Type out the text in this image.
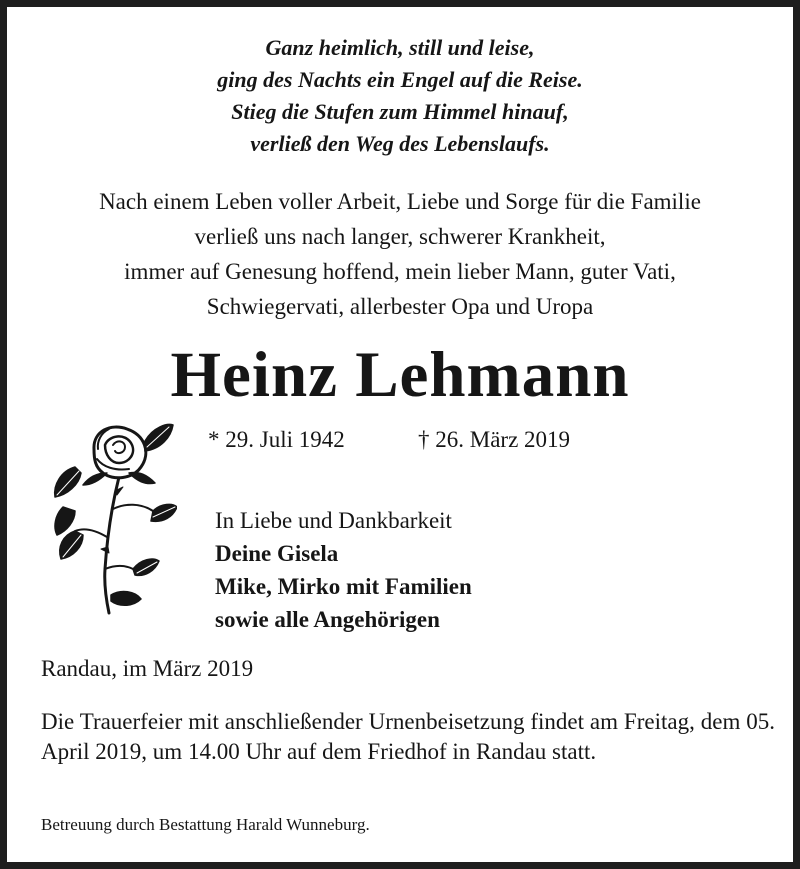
Ganz heimlich, still und leise,
ging des Nachts ein Engel auf die Reise.
Stieg die Stufen zum Himmel hinauf,
verließ den Weg des Lebenslaufs.
Nach einem Leben voller Arbeit, Liebe und Sorge für die Familie
verließ uns nach langer, schwerer Krankheit,
immer auf Genesung hoffend, mein lieber Mann, guter Vati,
Schwiegervati, allerbester Opa und Uropa
Heinz Lehmann
* 29. Juli 1942	† 26. März 2019
In Liebe und Dankbarkeit
Deine Gisela
Mike, Mirko mit Familien
sowie alle Angehörigen
Randau, im März 2019
Die Trauerfeier mit anschließender Urnenbeisetzung findet am Freitag, dem 05. April 2019, um 14.00 Uhr auf dem Friedhof in Randau statt.
Betreuung durch Bestattung Harald Wunneburg.
